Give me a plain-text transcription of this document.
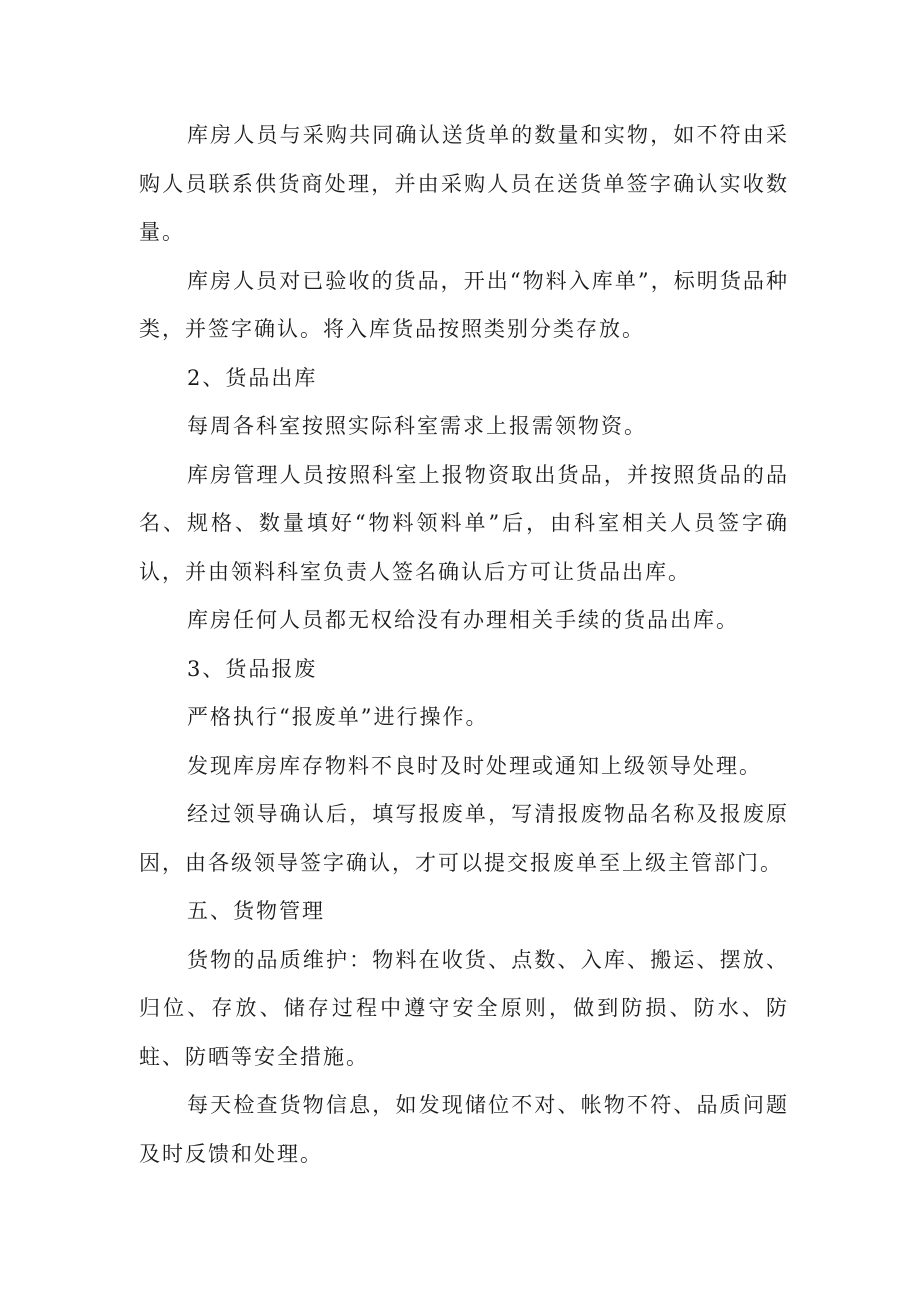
库房人员与采购共同确认送货单的数量和实物，如不符由采购人员联系供货商处理，并由采购人员在送货单签字确认实收数量。

库房人员对已验收的货品，开出“物料入库单”，标明货品种类，并签字确认。将入库货品按照类别分类存放。

2、货品出库

每周各科室按照实际科室需求上报需领物资。

库房管理人员按照科室上报物资取出货品，并按照货品的品名、规格、数量填好“物料领料单”后，由科室相关人员签字确认，并由领料科室负责人签名确认后方可让货品出库。

库房任何人员都无权给没有办理相关手续的货品出库。

3、货品报废

严格执行“报废单”进行操作。

发现库房库存物料不良时及时处理或通知上级领导处理。

经过领导确认后，填写报废单，写清报废物品名称及报废原因，由各级领导签字确认，才可以提交报废单至上级主管部门。

五、货物管理

货物的品质维护：物料在收货、点数、入库、搬运、摆放、归位、存放、储存过程中遵守安全原则，做到防损、防水、防蛀、防晒等安全措施。

每天检查货物信息，如发现储位不对、帐物不符、品质问题及时反馈和处理。
